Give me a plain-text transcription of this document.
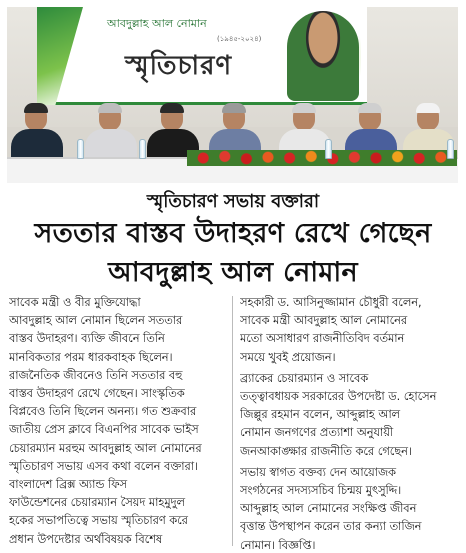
আবদুল্লাহ আল নোমান
(১৯৪৫-২০২৪)
স্মৃতিচারণ
স্মৃতিচারণ সভায় বক্তারা
সততার বাস্তব উদাহরণ রেখে গেছেন
আবদুল্লাহ আল নোমান
সাবেক মন্ত্রী ও বীর মুক্তিযোদ্ধা
আবদুল্লাহ আল নোমান ছিলেন সততার
বাস্তব উদাহরণ। ব্যক্তি জীবনে তিনি
মানবিকতার পরম ধারকবাহক ছিলেন।
রাজনৈতিক জীবনেও তিনি সততার বহু
বাস্তব উদাহরণ রেখে গেছেন। সাংস্কৃতিক
বিপ্লবেও তিনি ছিলেন অনন্য। গত শুক্রবার
জাতীয় প্রেস ক্লাবে বিএনপির সাবেক ভাইস
চেয়ারম্যান মরহুম আবদুল্লাহ আল নোমানের
স্মৃতিচারণ সভায় এসব কথা বলেন বক্তারা।
বাংলাদেশ ব্রিক্স অ্যান্ড ফিস
ফাউন্ডেশনের চেয়ারম্যান সৈয়দ মাহমুদুল
হকের সভাপতিত্বে সভায় স্মৃতিচারণ করে
প্রধান উপদেষ্টার অর্থবিষয়ক বিশেষ
সহকারী ড. আসিনুজ্জামান চৌধুরী বলেন,
সাবেক মন্ত্রী আবদুল্লাহ আল নোমানের
মতো অসাধারণ রাজনীতিবিদ বর্তমান
সময়ে খুবই প্রয়োজন।
ব্র্যাকের চেয়ারম্যান ও সাবেক
তত্ত্বাবধায়ক সরকারের উপদেষ্টা ড. হোসেন
জিল্লুর রহমান বলেন, আব্দুল্লাহ আল
নোমান জনগণের প্রত্যাশা অনুযায়ী
জনআকাঙ্ক্ষার রাজনীতি করে গেছেন।
সভায় স্বাগত বক্তব্য দেন আয়োজক
সংগঠনের সদস্যসচিব চিন্ময় মুৎসুদ্দি।
আব্দুল্লাহ আল নোমানের সংক্ষিপ্ত জীবন
বৃত্তান্ত উপস্থাপন করেন তার কন্যা তাজিন
নোমান। বিজ্ঞপ্তি।
